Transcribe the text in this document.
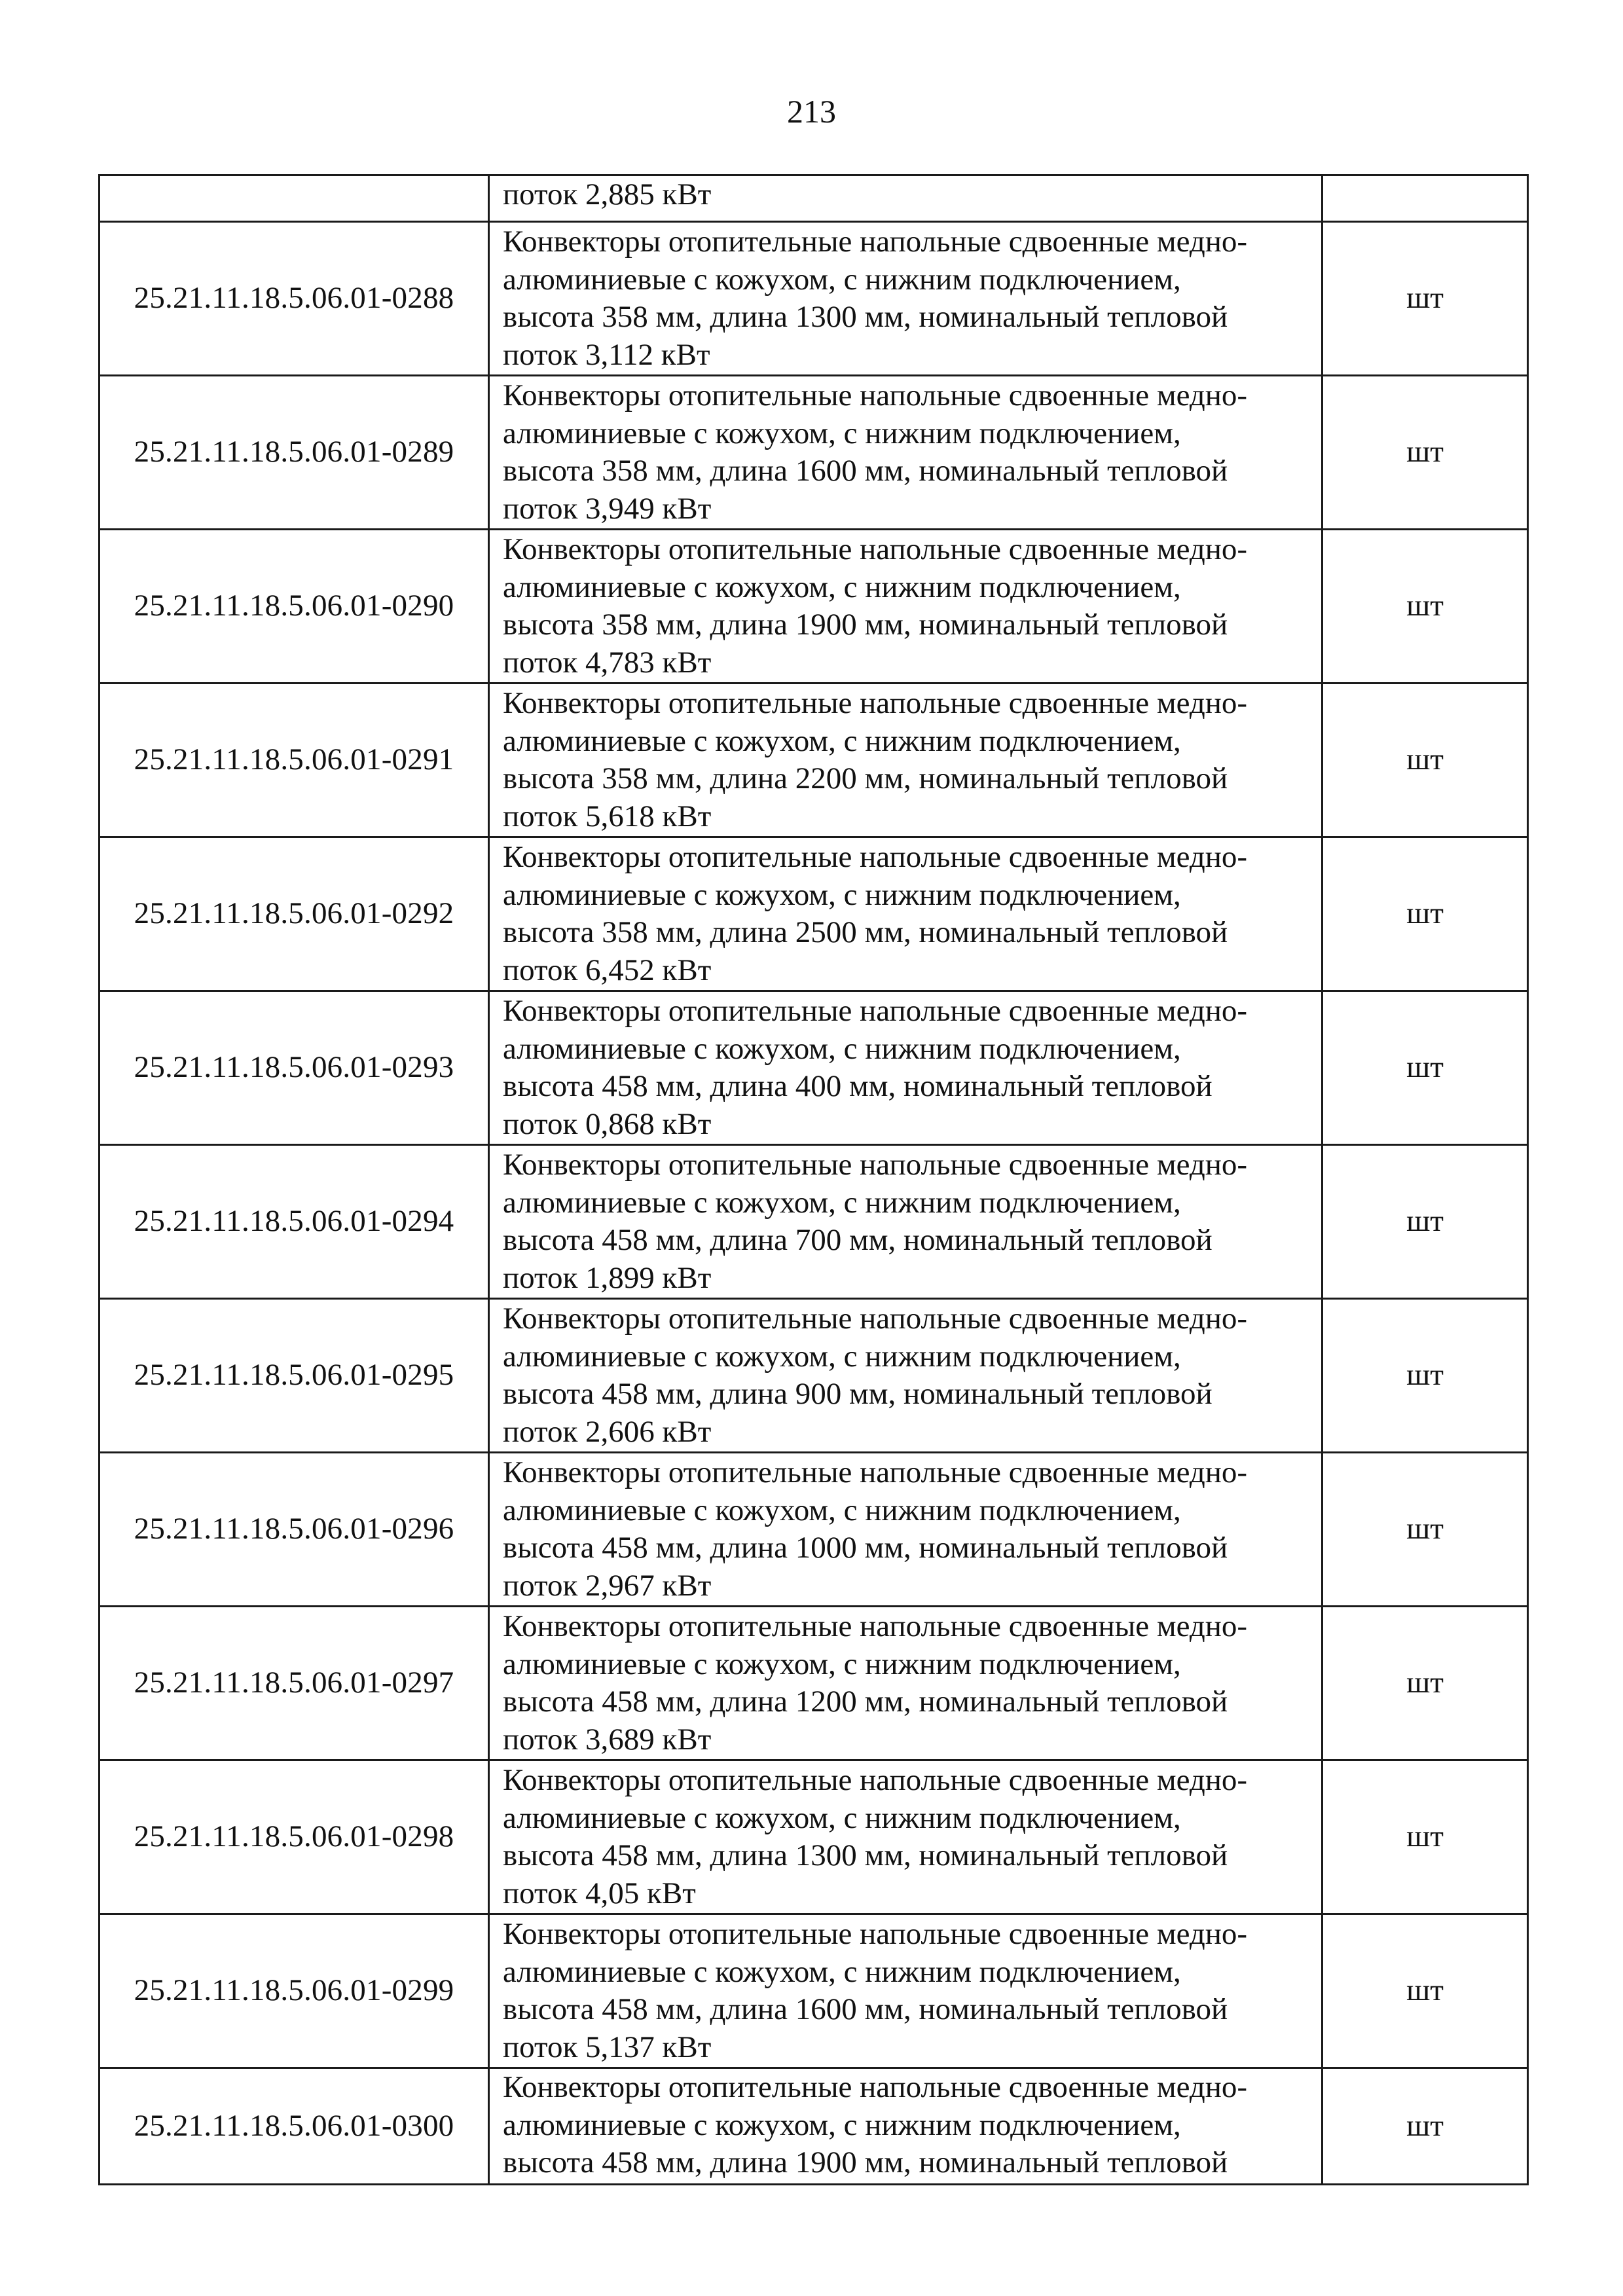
213

	поток 2,885 кВт	

25.21.11.18.5.06.01-0288	Конвекторы отопительные напольные сдвоенные медно-
алюминиевые с кожухом, с нижним подключением,
высота 358 мм, длина 1300 мм, номинальный тепловой
поток 3,112 кВт	шт
25.21.11.18.5.06.01-0289	Конвекторы отопительные напольные сдвоенные медно-
алюминиевые с кожухом, с нижним подключением,
высота 358 мм, длина 1600 мм, номинальный тепловой
поток 3,949 кВт	шт
25.21.11.18.5.06.01-0290	Конвекторы отопительные напольные сдвоенные медно-
алюминиевые с кожухом, с нижним подключением,
высота 358 мм, длина 1900 мм, номинальный тепловой
поток 4,783 кВт	шт
25.21.11.18.5.06.01-0291	Конвекторы отопительные напольные сдвоенные медно-
алюминиевые с кожухом, с нижним подключением,
высота 358 мм, длина 2200 мм, номинальный тепловой
поток 5,618 кВт	шт
25.21.11.18.5.06.01-0292	Конвекторы отопительные напольные сдвоенные медно-
алюминиевые с кожухом, с нижним подключением,
высота 358 мм, длина 2500 мм, номинальный тепловой
поток 6,452 кВт	шт
25.21.11.18.5.06.01-0293	Конвекторы отопительные напольные сдвоенные медно-
алюминиевые с кожухом, с нижним подключением,
высота 458 мм, длина 400 мм, номинальный тепловой
поток 0,868 кВт	шт
25.21.11.18.5.06.01-0294	Конвекторы отопительные напольные сдвоенные медно-
алюминиевые с кожухом, с нижним подключением,
высота 458 мм, длина 700 мм, номинальный тепловой
поток 1,899 кВт	шт
25.21.11.18.5.06.01-0295	Конвекторы отопительные напольные сдвоенные медно-
алюминиевые с кожухом, с нижним подключением,
высота 458 мм, длина 900 мм, номинальный тепловой
поток 2,606 кВт	шт
25.21.11.18.5.06.01-0296	Конвекторы отопительные напольные сдвоенные медно-
алюминиевые с кожухом, с нижним подключением,
высота 458 мм, длина 1000 мм, номинальный тепловой
поток 2,967 кВт	шт
25.21.11.18.5.06.01-0297	Конвекторы отопительные напольные сдвоенные медно-
алюминиевые с кожухом, с нижним подключением,
высота 458 мм, длина 1200 мм, номинальный тепловой
поток 3,689 кВт	шт
25.21.11.18.5.06.01-0298	Конвекторы отопительные напольные сдвоенные медно-
алюминиевые с кожухом, с нижним подключением,
высота 458 мм, длина 1300 мм, номинальный тепловой
поток 4,05 кВт	шт
25.21.11.18.5.06.01-0299	Конвекторы отопительные напольные сдвоенные медно-
алюминиевые с кожухом, с нижним подключением,
высота 458 мм, длина 1600 мм, номинальный тепловой
поток 5,137 кВт	шт
25.21.11.18.5.06.01-0300	Конвекторы отопительные напольные сдвоенные медно-
алюминиевые с кожухом, с нижним подключением,
высота 458 мм, длина 1900 мм, номинальный тепловой	шт
